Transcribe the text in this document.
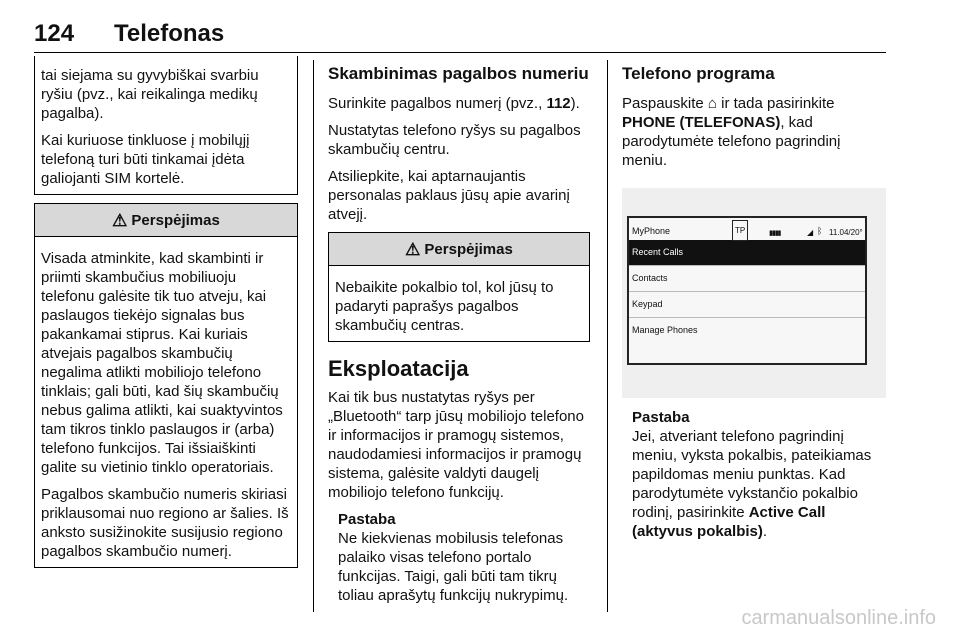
124 Telefonas

tai siejama su gyvybiškai svarbiu ryšiu (pvz., kai reikalinga medikų pagalba).

Kai kuriuose tinkluose į mobilųjį telefoną turi būti tinkamai įdėta galiojanti SIM kortelė.

⚠ Perspėjimas

Visada atminkite, kad skambinti ir priimti skambučius mobiliuoju telefonu galėsite tik tuo atveju, kai paslaugos tiekėjo signalas bus pakankamai stiprus. Kai kuriais atvejais pagalbos skambučių negalima atlikti mobiliojo telefono tinklais; gali būti, kad šių skambučių nebus galima atlikti, kai suaktyvintos tam tikros tinklo paslaugos ir (arba) telefono funkcijos. Tai išsiaiškinti galite su vietinio tinklo operatoriais.

Pagalbos skambučio numeris skiriasi priklausomai nuo regiono ar šalies. Iš anksto susižinokite susijusio regiono pagalbos skambučio numerį.

Skambinimas pagalbos numeriu

Surinkite pagalbos numerį (pvz., 112).

Nustatytas telefono ryšys su pagalbos skambučių centru.

Atsiliepkite, kai aptarnaujantis personalas paklaus jūsų apie avarinį atvejį.

⚠ Perspėjimas

Nebaikite pokalbio tol, kol jūsų to padaryti paprašys pagalbos skambučių centras.

Eksploatacija

Kai tik bus nustatytas ryšys per „Bluetooth“ tarp jūsų mobiliojo telefono ir informacijos ir pramogų sistemos, naudodamiesi informacijos ir pramogų sistema, galėsite valdyti daugelį mobiliojo telefono funkcijų.

Pastaba
Ne kiekvienas mobilusis telefonas palaiko visas telefono portalo funkcijas. Taigi, gali būti tam tikrų toliau aprašytų funkcijų nukrypimų.
Telefono programa

Paspauskite ⌂ ir tada pasirinkite PHONE (TELEFONAS), kad parodytumėte telefono pagrindinį meniu.

MyPhone	TP	▮▮▮▮	◢ ᛒ 11.04/20°
Recent Calls
Contacts
Keypad
Manage Phones
Pastaba
Jei, atveriant telefono pagrindinį meniu, vyksta pokalbis, pateikiamas papildomas meniu punktas. Kad parodytumėte vykstančio pokalbio rodinį, pasirinkite Active Call (aktyvus pokalbis).
carmanualsonline.info
